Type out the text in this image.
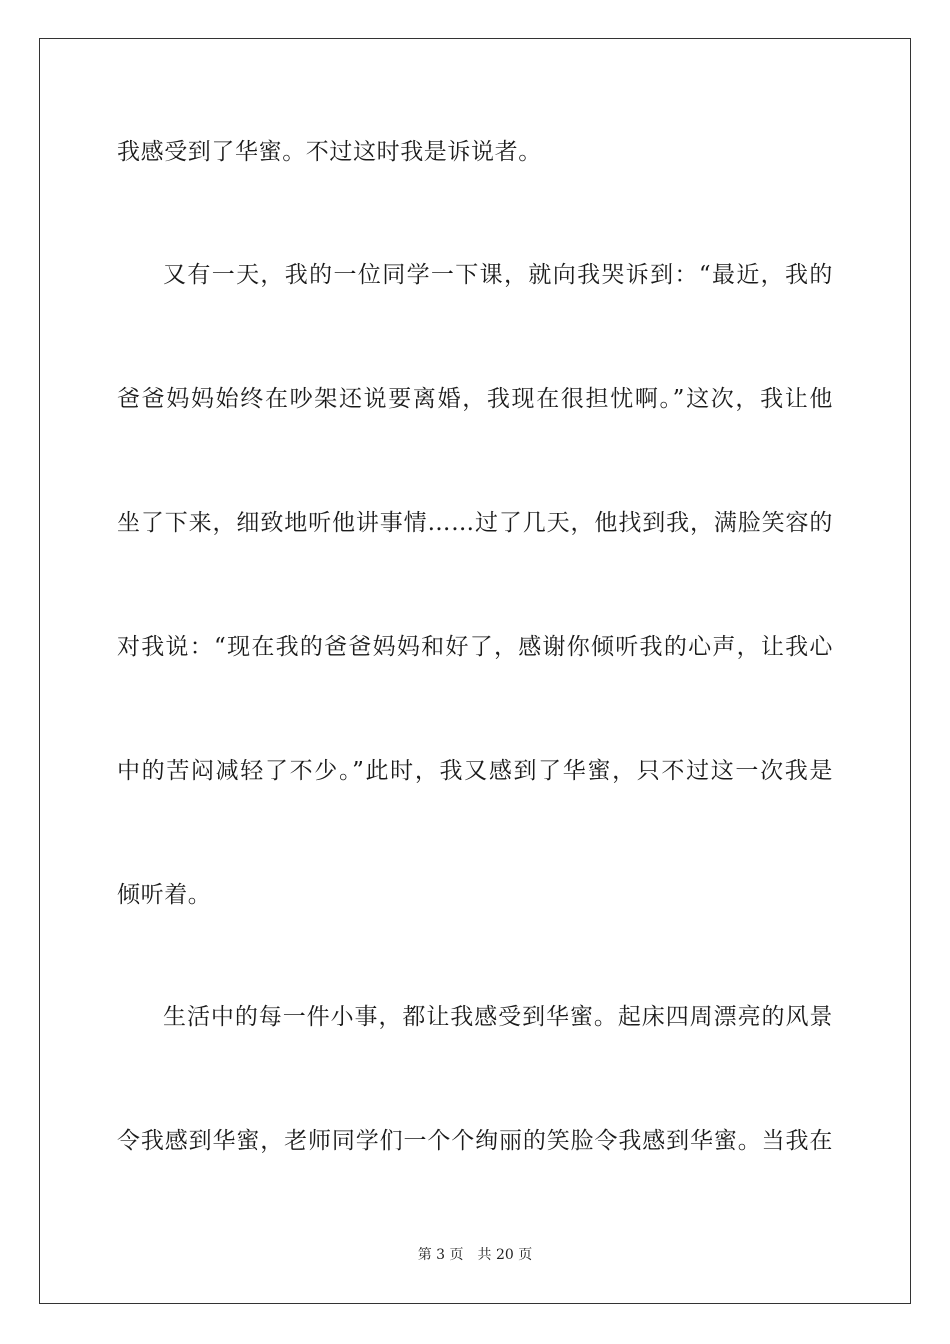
我感受到了华蜜。不过这时我是诉说者。
又有一天，我的一位同学一下课，就向我哭诉到：“最近，我的
爸爸妈妈始终在吵架还说要离婚，我现在很担忧啊。”这次，我让他
坐了下来，细致地听他讲事情……过了几天，他找到我，满脸笑容的
对我说：“现在我的爸爸妈妈和好了，感谢你倾听我的心声，让我心
中的苦闷减轻了不少。”此时，我又感到了华蜜，只不过这一次我是
倾听着。
生活中的每一件小事，都让我感受到华蜜。起床四周漂亮的风景
令我感到华蜜，老师同学们一个个绚丽的笑脸令我感到华蜜。当我在
第 3 页 共 20 页
